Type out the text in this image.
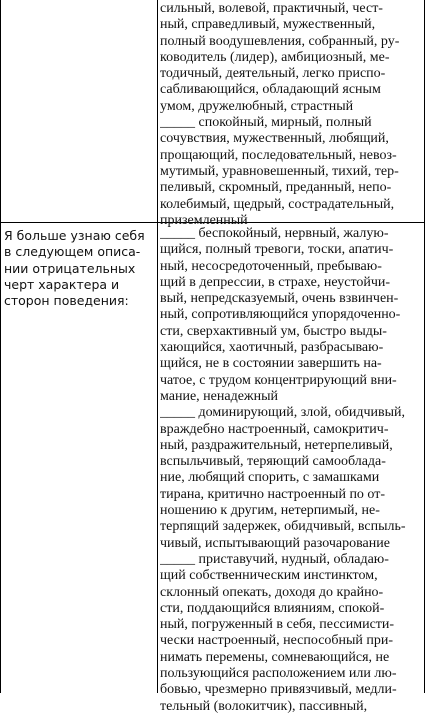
Я больше узнаю себя
в следующем описа-
нии отрицательных
черт характера и
сторон поведения:
сильный, волевой, практичный, чест-
ный, справедливый, мужественный,
полный воодушевления, собранный, ру-
ководитель (лидер), амбициозный, ме-
тодичный, деятельный, легко приспо-
сабливающийся, обладающий ясным
умом, дружелюбный, страстный
_____ спокойный, мирный, полный
сочувствия, мужественный, любящий,
прощающий, последовательный, невоз-
мутимый, уравновешенный, тихий, тер-
пеливый, скромный, преданный, непо-
колебимый, щедрый, сострадательный,
приземленный
_____ беспокойный, нервный, жалую-
щийся, полный тревоги, тоски, апатич-
ный, несосредоточенный, пребываю-
щий в депрессии, в страхе, неустойчи-
вый, непредсказуемый, очень взвинчен-
ный, сопротивляющийся упорядоченно-
сти, сверхактивный ум, быстро выды-
хающийся, хаотичный, разбрасываю-
щийся, не в состоянии завершить на-
чатое, с трудом концентрирующий вни-
мание, ненадежный
_____ доминирующий, злой, обидчивый,
враждебно настроенный, самокритич-
ный, раздражительный, нетерпеливый,
вспыльчивый, теряющий самооблада-
ние, любящий спорить, с замашками
тирана, критично настроенный по от-
ношению к другим, нетерпимый, не-
терпящий задержек, обидчивый, вспыль-
чивый, испытывающий разочарование
_____ приставучий, нудный, обладаю-
щий собственническим инстинктом,
склонный опекать, доходя до крайно-
сти, поддающийся влияниям, спокой-
ный, погруженный в себя, пессимисти-
чески настроенный, неспособный при-
нимать перемены, сомневающийся, не
пользующийся расположением или лю-
бовью, чрезмерно привязчивый, медли-
тельный (волокитчик), пассивный,
